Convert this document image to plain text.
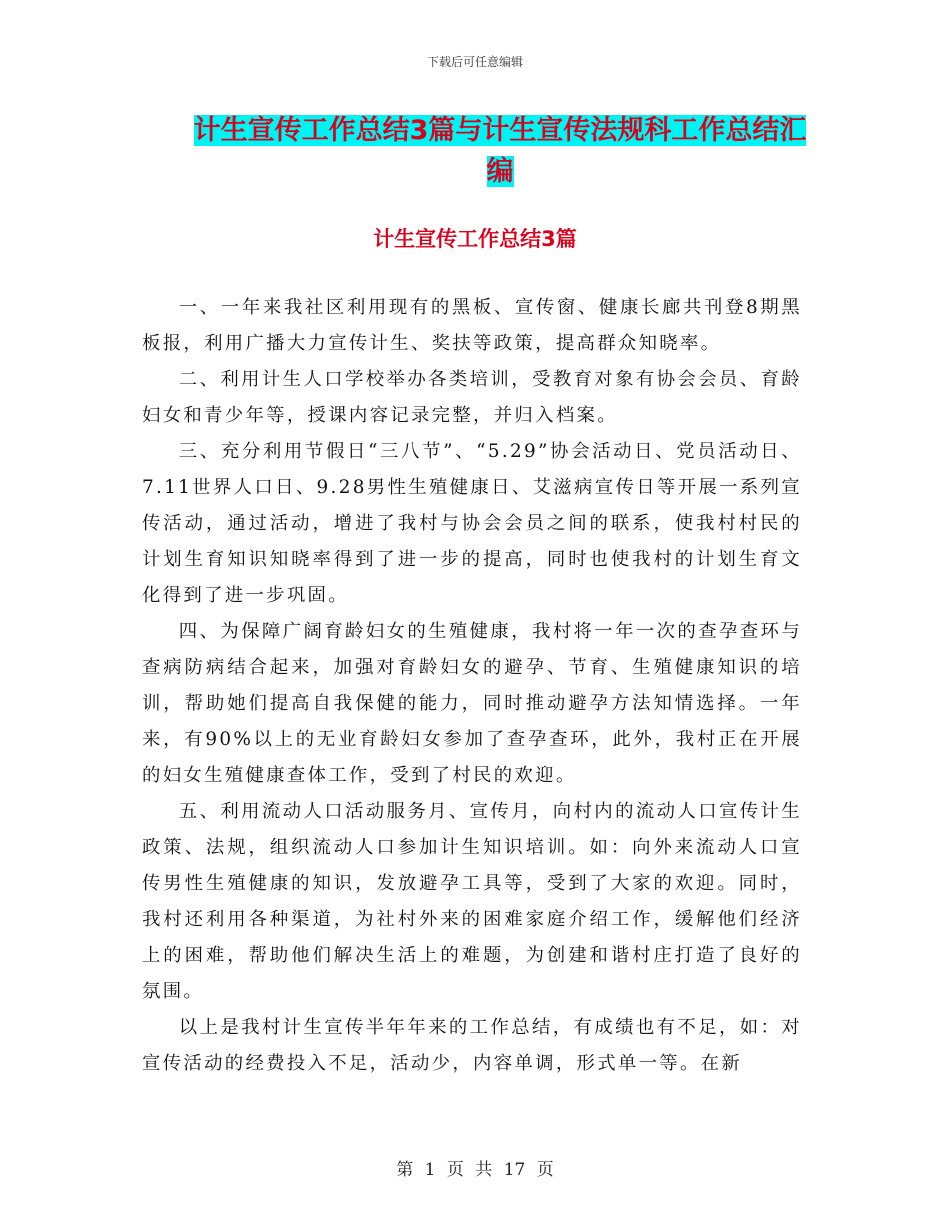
下载后可任意编辑
计生宣传工作总结3篇与计生宣传法规科工作总结汇编
计生宣传工作总结3篇

一、一年来我社区利用现有的黑板、宣传窗、健康长廊共刊登8期黑板报，利用广播大力宣传计生、奖扶等政策，提高群众知晓率。

二、利用计生人口学校举办各类培训，受教育对象有协会会员、育龄妇女和青少年等，授课内容记录完整，并归入档案。

三、充分利用节假日“三八节”、“5.29”协会活动日、党员活动日、7.11世界人口日、9.28男性生殖健康日、艾滋病宣传日等开展一系列宣传活动，通过活动，增进了我村与协会会员之间的联系，使我村村民的计划生育知识知晓率得到了进一步的提高，同时也使我村的计划生育文化得到了进一步巩固。

四、为保障广阔育龄妇女的生殖健康，我村将一年一次的查孕查环与查病防病结合起来，加强对育龄妇女的避孕、节育、生殖健康知识的培训，帮助她们提高自我保健的能力，同时推动避孕方法知情选择。一年来，有90%以上的无业育龄妇女参加了查孕查环，此外，我村正在开展的妇女生殖健康查体工作，受到了村民的欢迎。

五、利用流动人口活动服务月、宣传月，向村内的流动人口宣传计生政策、法规，组织流动人口参加计生知识培训。如：向外来流动人口宣传男性生殖健康的知识，发放避孕工具等，受到了大家的欢迎。同时，我村还利用各种渠道，为社村外来的困难家庭介绍工作，缓解他们经济上的困难，帮助他们解决生活上的难题，为创建和谐村庄打造了良好的氛围。

以上是我村计生宣传半年年来的工作总结，有成绩也有不足，如：对宣传活动的经费投入不足，活动少，内容单调，形式单一等。在新

第 1 页 共 17 页
